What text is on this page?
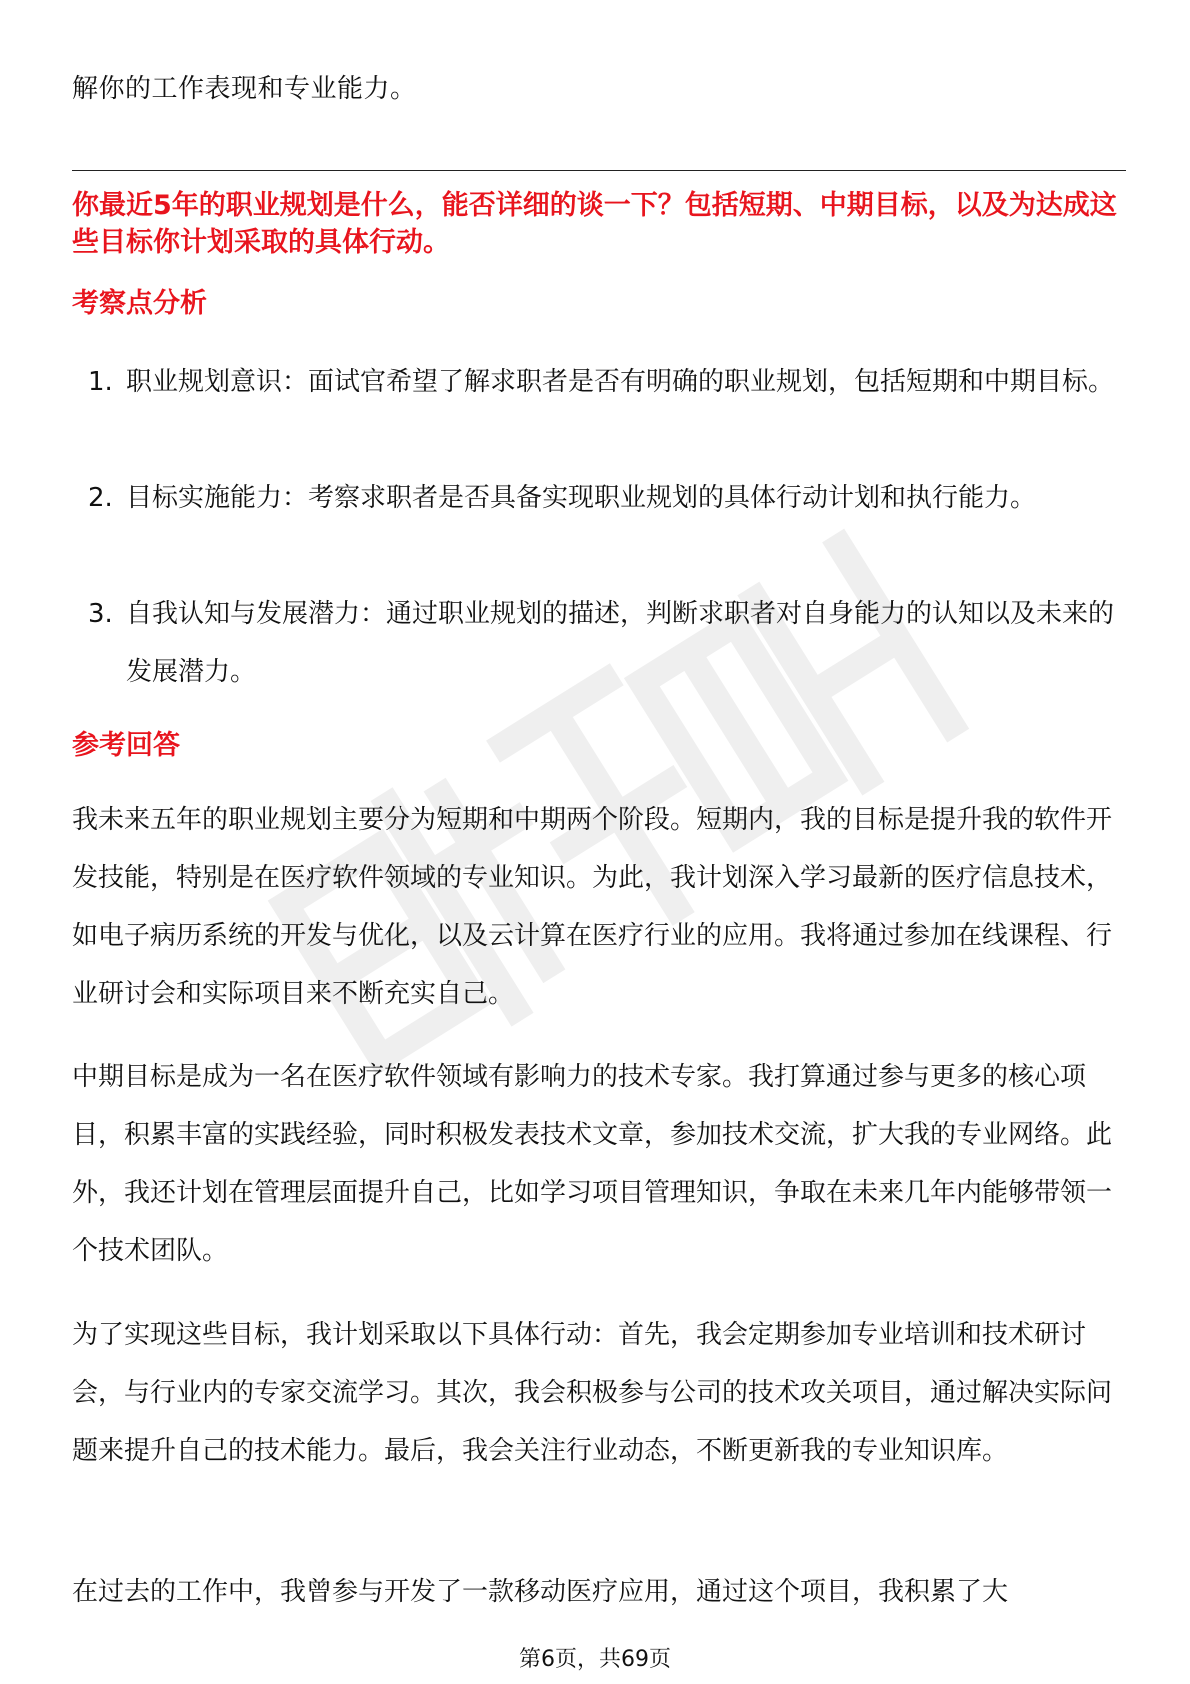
解你的工作表现和专业能力。
你最近5年的职业规划是什么，能否详细的谈一下？包括短期、中期目标，以及为达成这些目标你计划采取的具体行动。
考察点分析
1. 职业规划意识：面试官希望了解求职者是否有明确的职业规划，包括短期和中期目标。
2. 目标实施能力：考察求职者是否具备实现职业规划的具体行动计划和执行能力。
3. 自我认知与发展潜力：通过职业规划的描述，判断求职者对自身能力的认知以及未来的发展潜力。
参考回答
我未来五年的职业规划主要分为短期和中期两个阶段。短期内，我的目标是提升我的软件开发技能，特别是在医疗软件领域的专业知识。为此，我计划深入学习最新的医疗信息技术，如电子病历系统的开发与优化，以及云计算在医疗行业的应用。我将通过参加在线课程、行业研讨会和实际项目来不断充实自己。
中期目标是成为一名在医疗软件领域有影响力的技术专家。我打算通过参与更多的核心项目，积累丰富的实践经验，同时积极发表技术文章，参加技术交流，扩大我的专业网络。此外，我还计划在管理层面提升自己，比如学习项目管理知识，争取在未来几年内能够带领一个技术团队。
为了实现这些目标，我计划采取以下具体行动：首先，我会定期参加专业培训和技术研讨会，与行业内的专家交流学习。其次，我会积极参与公司的技术攻关项目，通过解决实际问题来提升自己的技术能力。最后，我会关注行业动态，不断更新我的专业知识库。
在过去的工作中，我曾参与开发了一款移动医疗应用，通过这个项目，我积累了大
第6页，共69页
